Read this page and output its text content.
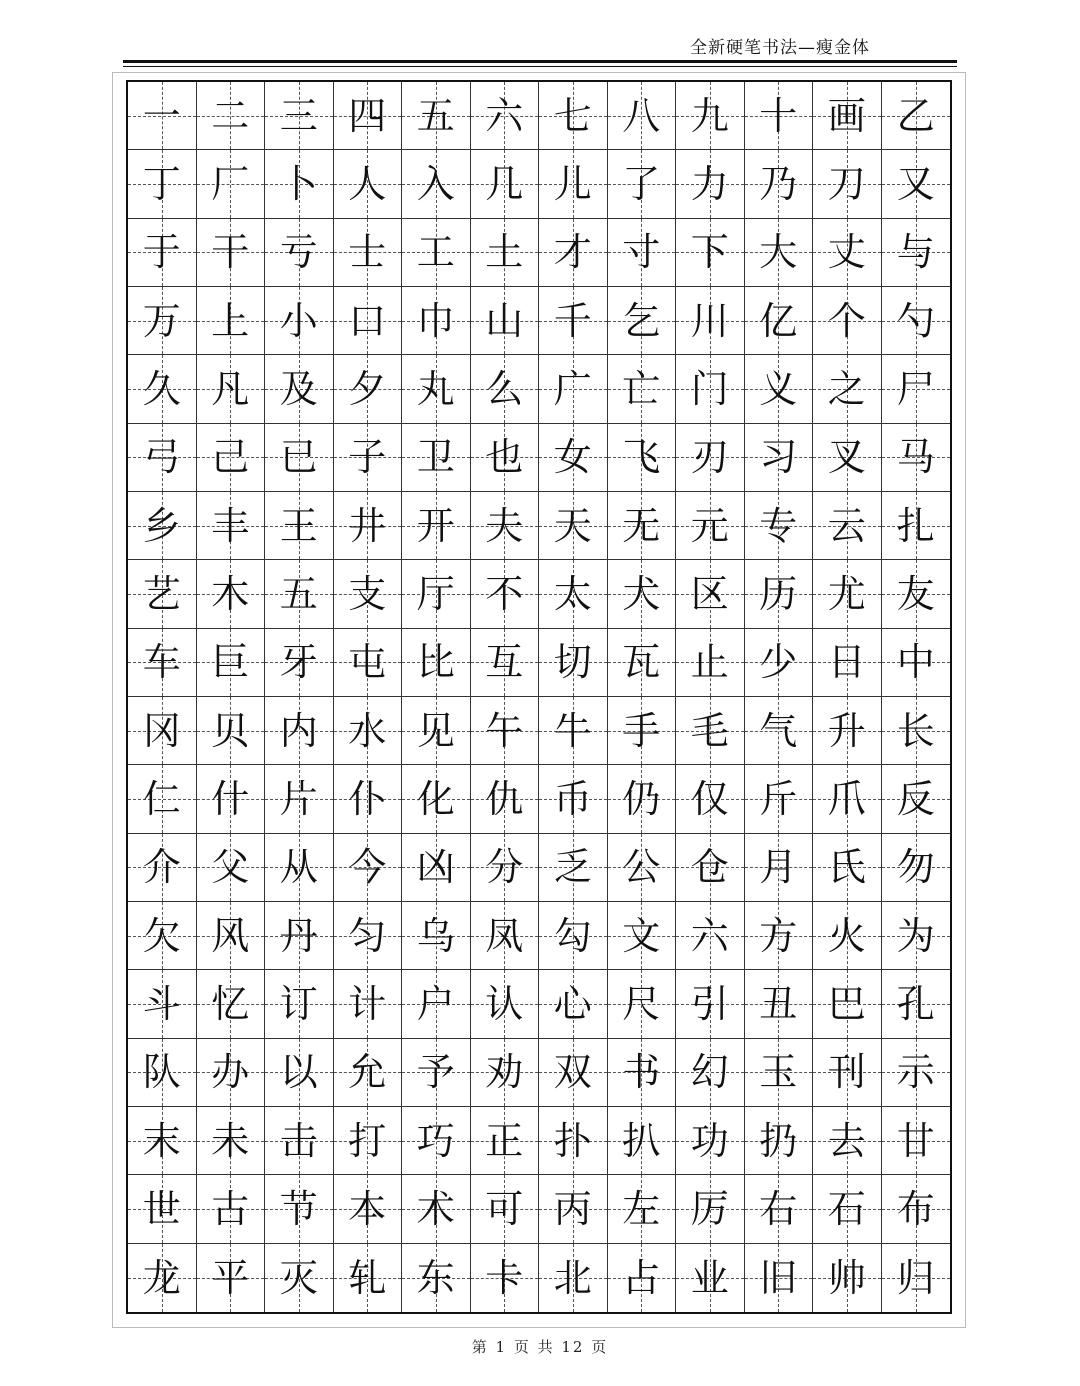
全新硬笔书法—瘦金体
一 二 三 四 五 六 七 八 九 十 画 乙
丁 厂 卜 人 入 几 儿 了 力 乃 刀 又
于 干 亏 士 工 土 才 寸 下 大 丈 与
万 上 小 口 巾 山 千 乞 川 亿 个 勺
久 凡 及 夕 丸 么 广 亡 门 义 之 尸
弓 己 已 子 卫 也 女 飞 刃 习 叉 马
乡 丰 王 井 开 夫 天 无 元 专 云 扎
艺 木 五 支 厅 不 太 犬 区 历 尤 友
车 巨 牙 屯 比 互 切 瓦 止 少 日 中
冈 贝 内 水 见 午 牛 手 毛 气 升 长
仁 什 片 仆 化 仇 币 仍 仅 斤 爪 反
介 父 从 今 凶 分 乏 公 仓 月 氏 勿
欠 风 丹 匀 乌 凤 勾 文 六 方 火 为
斗 忆 订 计 户 认 心 尺 引 丑 巴 孔
队 办 以 允 予 劝 双 书 幻 玉 刊 示
末 未 击 打 巧 正 扑 扒 功 扔 去 甘
世 古 节 本 术 可 丙 左 厉 右 石 布
龙 平 灭 轧 东 卡 北 占 业 旧 帅 归
第 1 页 共 12 页
